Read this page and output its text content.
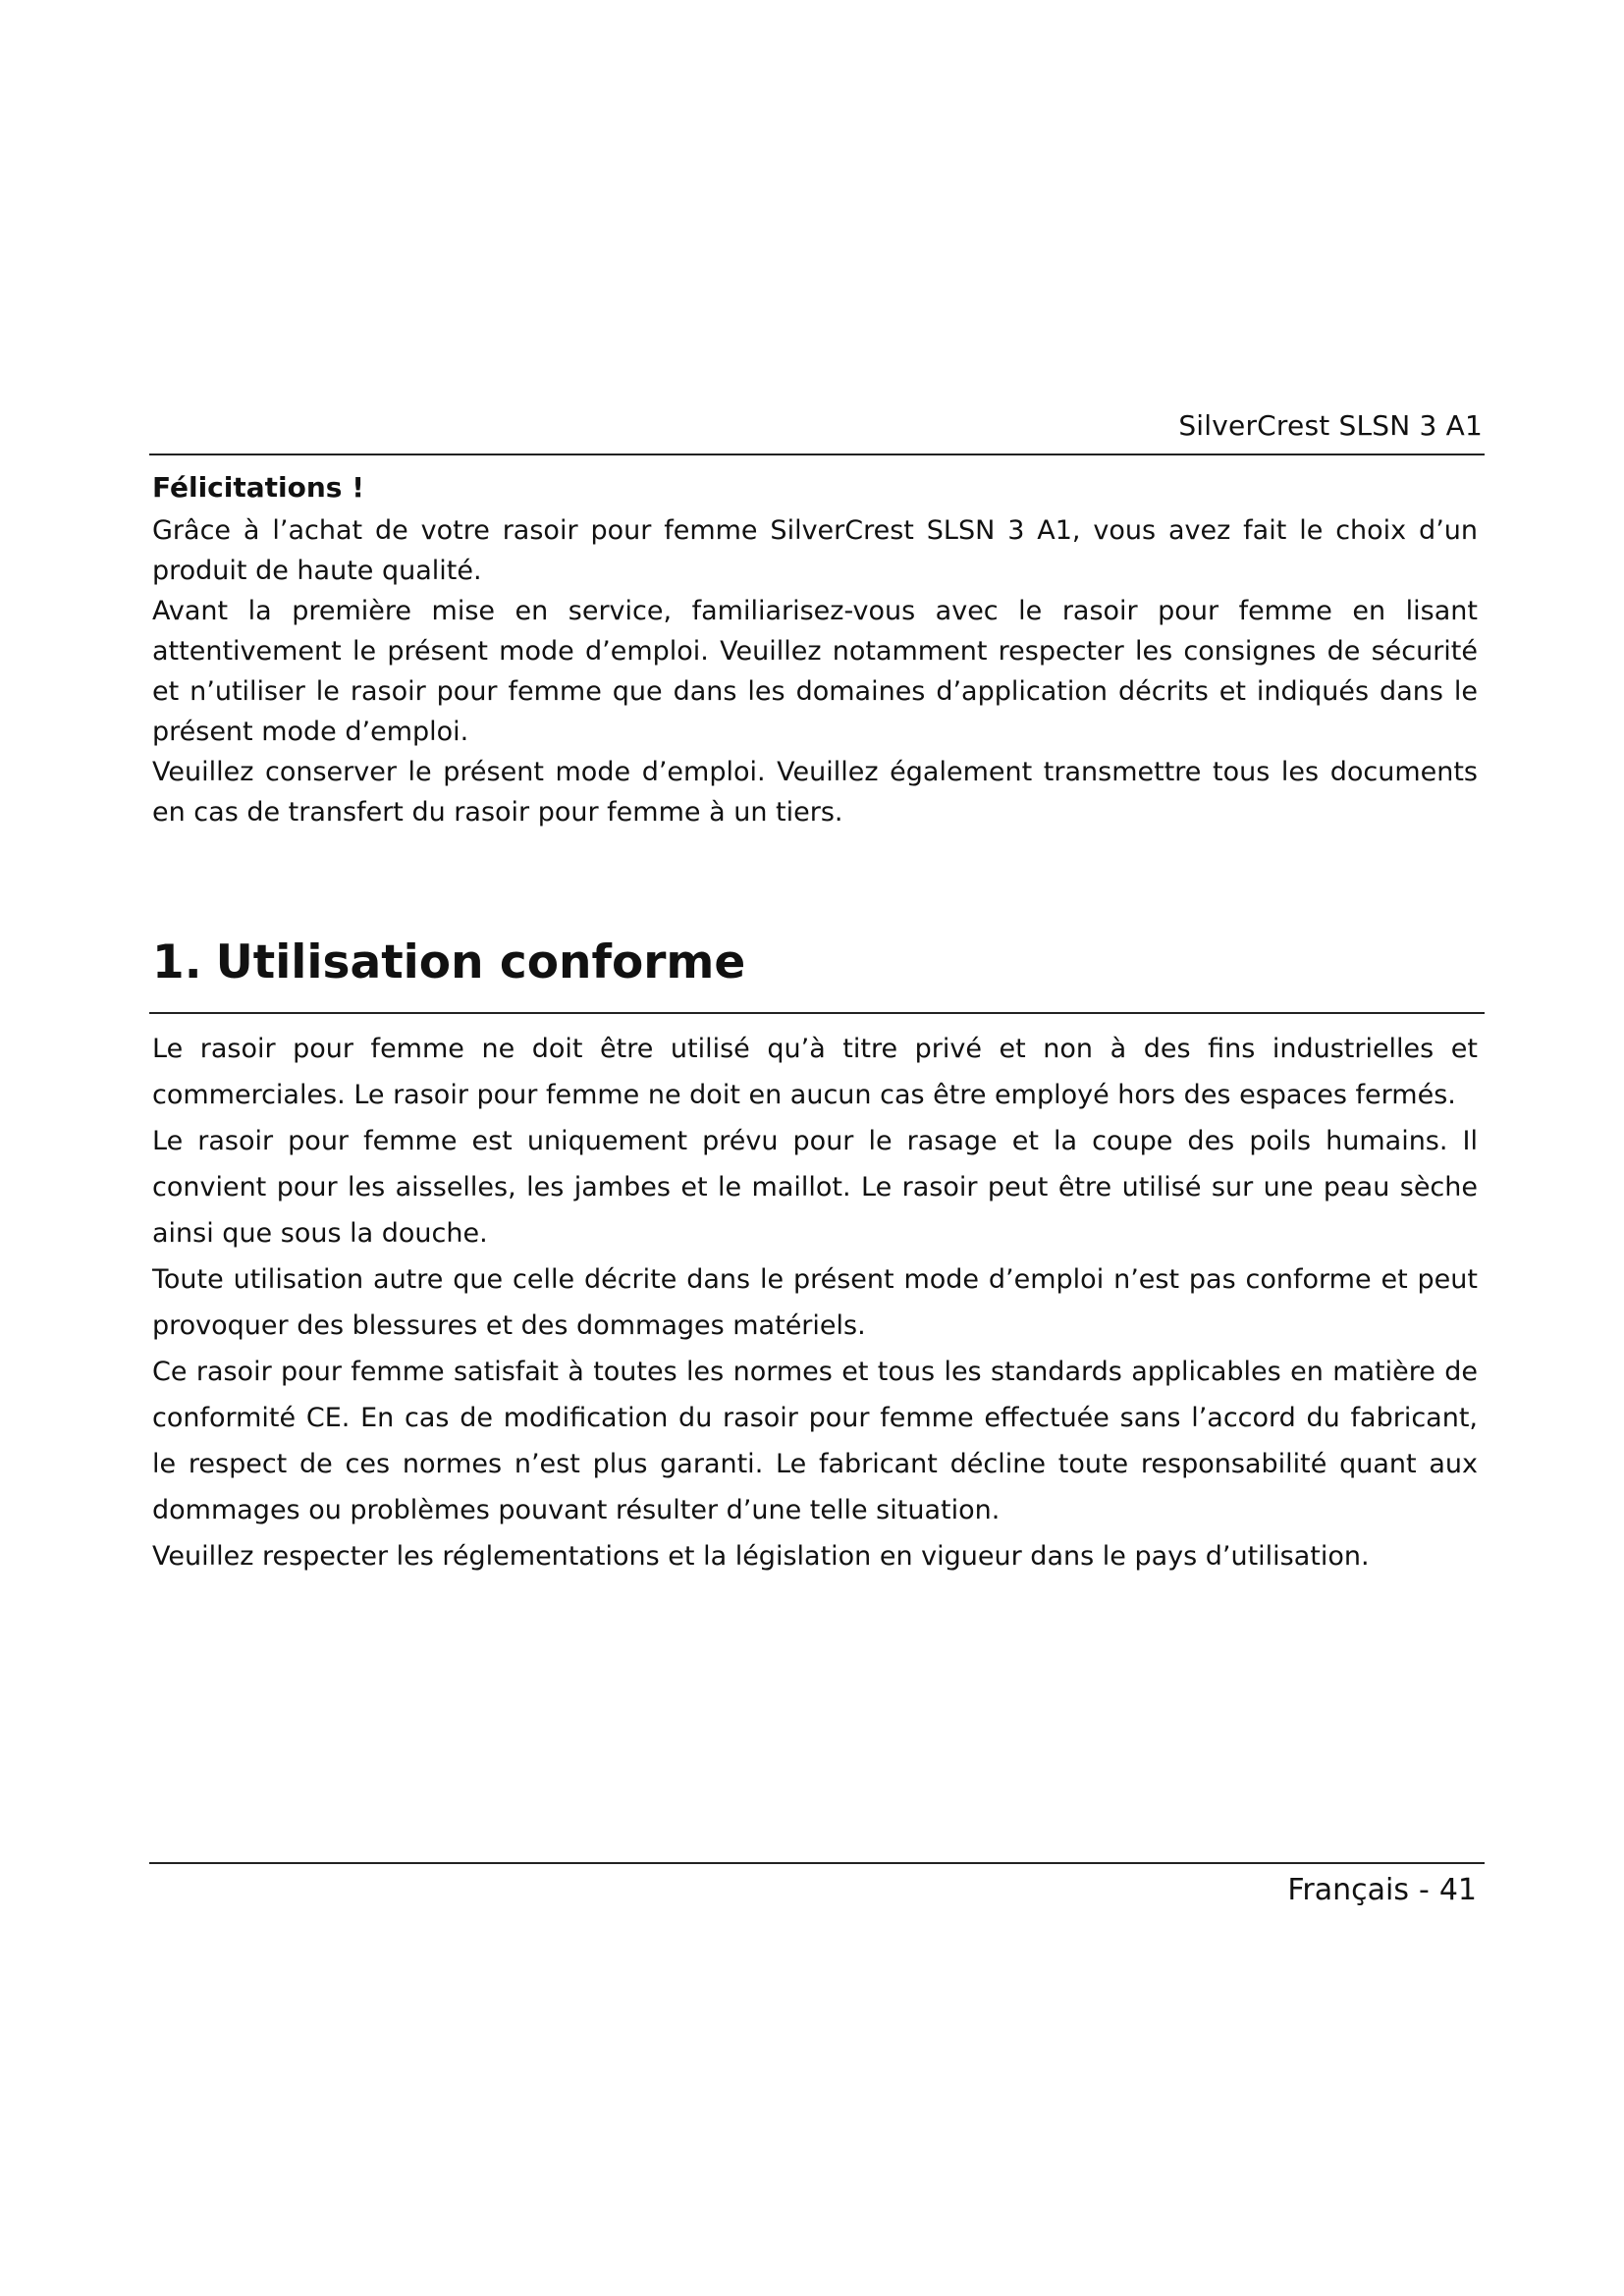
SilverCrest SLSN 3 A1
Félicitations !

Grâce à l’achat de votre rasoir pour femme SilverCrest SLSN 3 A1, vous avez fait le choix d’un produit de haute qualité.

Avant la première mise en service, familiarisez-vous avec le rasoir pour femme en lisant attentivement le présent mode d’emploi. Veuillez notamment respecter les consignes de sécurité et n’utiliser le rasoir pour femme que dans les domaines d’application décrits et indiqués dans le présent mode d’emploi.

Veuillez conserver le présent mode d’emploi. Veuillez également transmettre tous les documents en cas de transfert du rasoir pour femme à un tiers.

1. Utilisation conforme

Le rasoir pour femme ne doit être utilisé qu’à titre privé et non à des fins industrielles et commerciales. Le rasoir pour femme ne doit en aucun cas être employé hors des espaces fermés.

Le rasoir pour femme est uniquement prévu pour le rasage et la coupe des poils humains. Il convient pour les aisselles, les jambes et le maillot. Le rasoir peut être utilisé sur une peau sèche ainsi que sous la douche.

Toute utilisation autre que celle décrite dans le présent mode d’emploi n’est pas conforme et peut provoquer des blessures et des dommages matériels.

Ce rasoir pour femme satisfait à toutes les normes et tous les standards applicables en matière de conformité CE. En cas de modification du rasoir pour femme effectuée sans l’accord du fabricant, le respect de ces normes n’est plus garanti. Le fabricant décline toute responsabilité quant aux dommages ou problèmes pouvant résulter d’une telle situation.

Veuillez respecter les réglementations et la législation en vigueur dans le pays d’utilisation.

Français - 41
